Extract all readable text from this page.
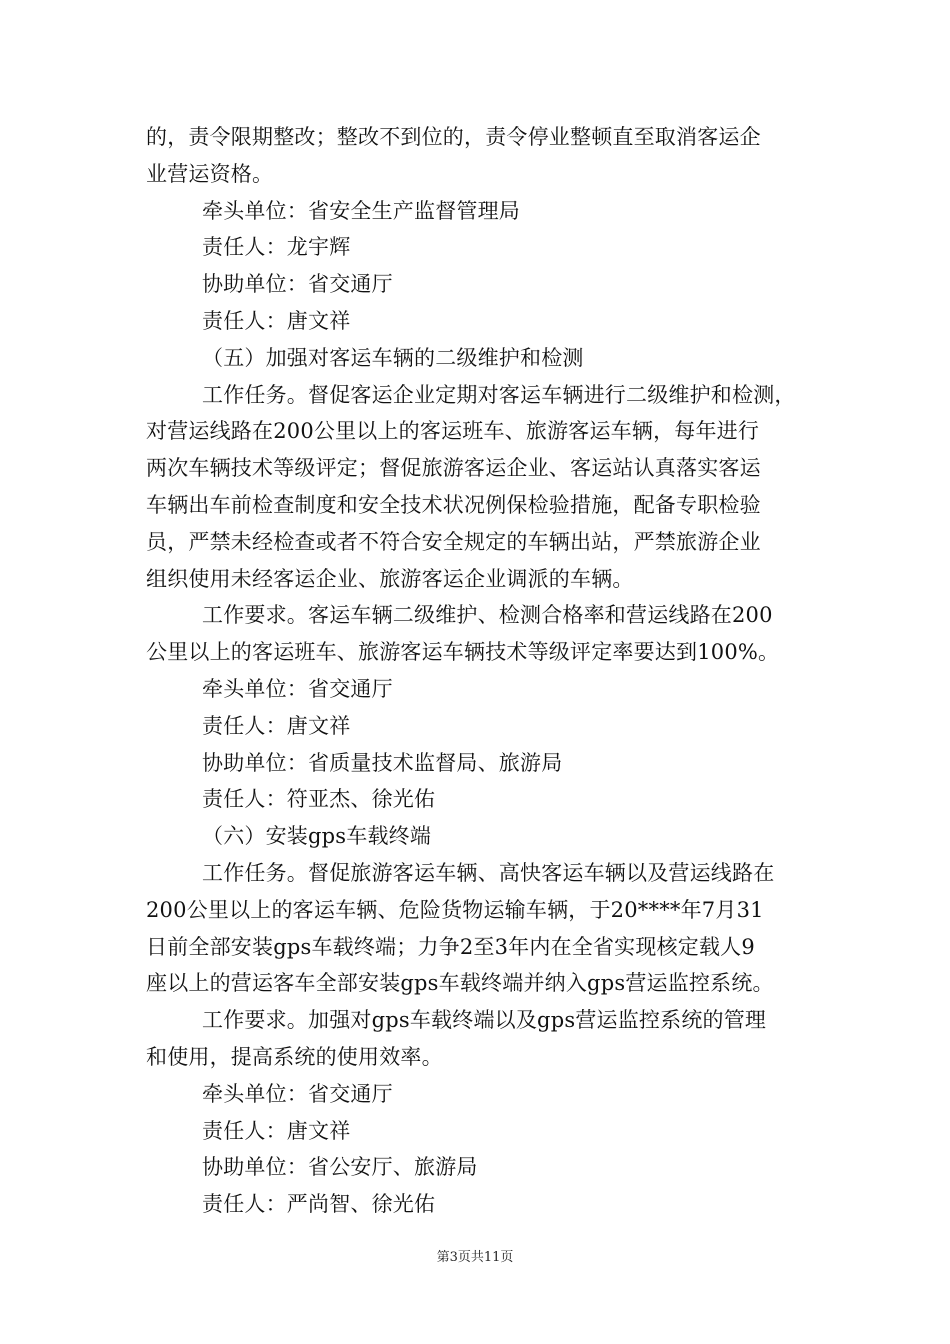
的，责令限期整改；整改不到位的，责令停业整顿直至取消客运企
业营运资格。
牵头单位：省安全生产监督管理局
责任人：龙宇辉
协助单位：省交通厅
责任人：唐文祥
（五）加强对客运车辆的二级维护和检测
工作任务。督促客运企业定期对客运车辆进行二级维护和检测，
对营运线路在200公里以上的客运班车、旅游客运车辆，每年进行
两次车辆技术等级评定；督促旅游客运企业、客运站认真落实客运
车辆出车前检查制度和安全技术状况例保检验措施，配备专职检验
员，严禁未经检查或者不符合安全规定的车辆出站，严禁旅游企业
组织使用未经客运企业、旅游客运企业调派的车辆。
工作要求。客运车辆二级维护、检测合格率和营运线路在200
公里以上的客运班车、旅游客运车辆技术等级评定率要达到100%。
牵头单位：省交通厅
责任人：唐文祥
协助单位：省质量技术监督局、旅游局
责任人：符亚杰、徐光佑
（六）安装gps车载终端
工作任务。督促旅游客运车辆、高快客运车辆以及营运线路在
200公里以上的客运车辆、危险货物运输车辆，于20****年7月31
日前全部安装gps车载终端；力争2至3年内在全省实现核定载人9
座以上的营运客车全部安装gps车载终端并纳入gps营运监控系统。
工作要求。加强对gps车载终端以及gps营运监控系统的管理
和使用，提高系统的使用效率。
牵头单位：省交通厅
责任人：唐文祥
协助单位：省公安厅、旅游局
责任人：严尚智、徐光佑
第3页共11页
